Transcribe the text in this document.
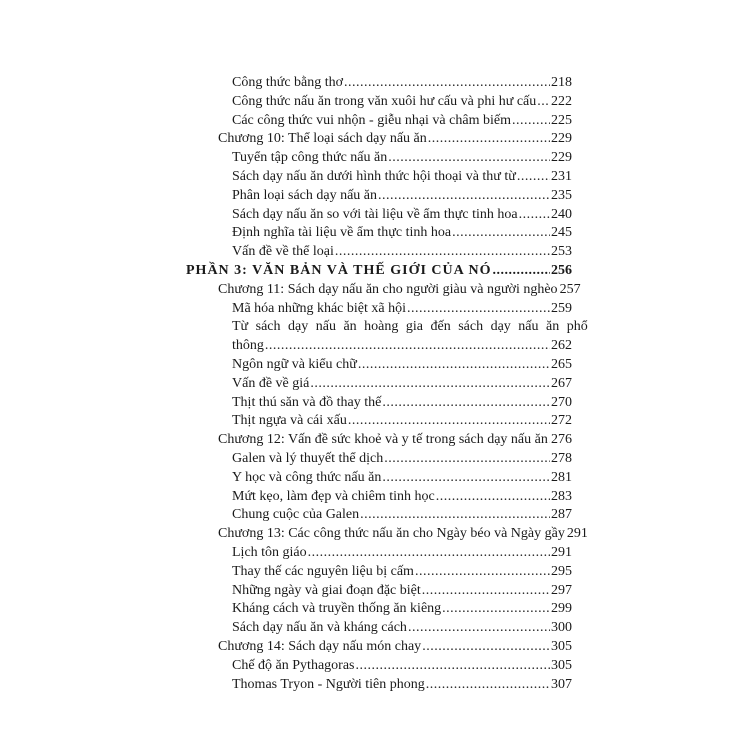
Công thức bằng thơ .....	218
Công thức nấu ăn trong văn xuôi hư cấu và phi hư cấu ..... 222
Các công thức vui nhộn - giễu nhại và châm biếm .....	225
Chương 10: Thể loại sách dạy nấu ăn .....	229
Tuyển tập công thức nấu ăn .....	229
Sách dạy nấu ăn dưới hình thức hội thoại và thư từ .....	231
Phân loại sách dạy nấu ăn .....	235
Sách dạy nấu ăn so với tài liệu về ẩm thực tinh hoa ..... 240
Định nghĩa tài liệu về ẩm thực tinh hoa .....	245
Vấn đề về thể loại .....	253
PHẦN 3: VĂN BẢN VÀ THẾ GIỚI CỦA NÓ .....	256
Chương 11: Sách dạy nấu ăn cho người giàu và người nghèo 257
Mã hóa những khác biệt xã hội .....	259
Từ sách dạy nấu ăn hoàng gia đến sách dạy nấu ăn phổ
thông .....	262
Ngôn ngữ và kiểu chữ .....	265
Vấn đề về giá .....	267
Thịt thú săn và đồ thay thế .....	270
Thịt ngựa và cái xấu .....	272
Chương 12: Vấn đề sức khoẻ và y tế trong sách dạy nấu ăn ..... 276
Galen và lý thuyết thể dịch .....	278
Y học và công thức nấu ăn .....	281
Mứt kẹo, làm đẹp và chiêm tinh học .....	283
Chung cuộc của Galen .....	287
Chương 13: Các công thức nấu ăn cho Ngày béo và Ngày gầy 291
Lịch tôn giáo .....	291
Thay thế các nguyên liệu bị cấm .....	295
Những ngày và giai đoạn đặc biệt .....	297
Kháng cách và truyền thống ăn kiêng .....	299
Sách dạy nấu ăn và kháng cách .....	300
Chương 14: Sách dạy nấu món chay .....	305
Chế độ ăn Pythagoras .....	305
Thomas Tryon - Người tiên phong .....	307
